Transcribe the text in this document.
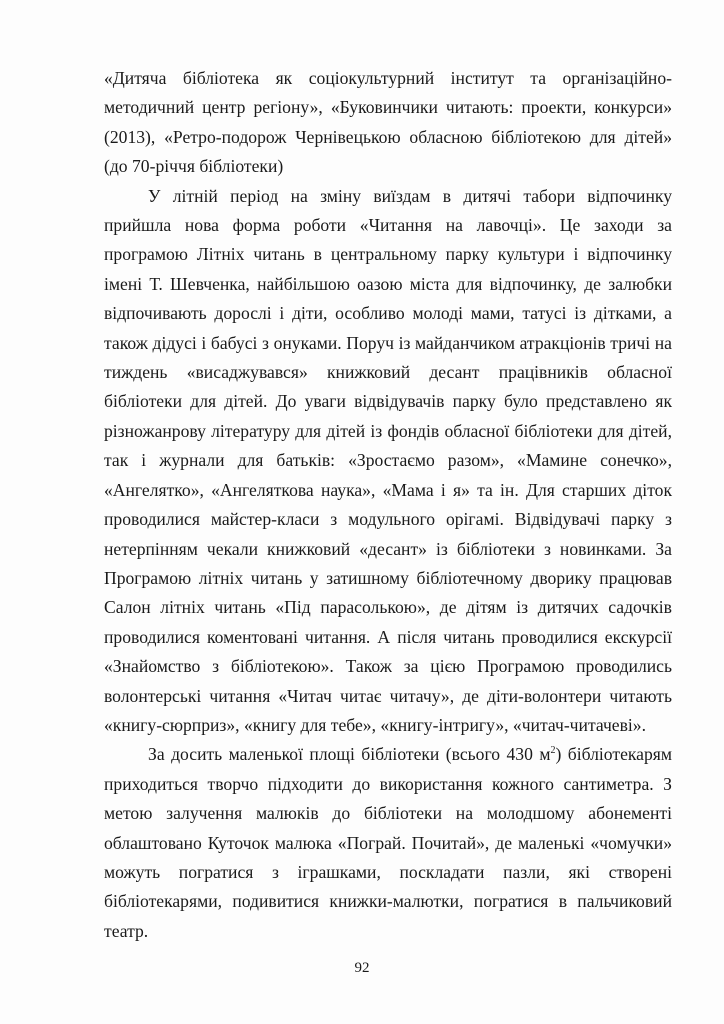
«Дитяча бібліотека як соціокультурний інститут та організаційно-методичний центр регіону», «Буковинчики читають: проекти, конкурси» (2013), «Ретро-подорож Чернівецькою обласною бібліотекою для дітей» (до 70-річчя бібліотеки)

У літній період на зміну виїздам в дитячі табори відпочинку прийшла нова форма роботи «Читання на лавочці». Це заходи за програмою Літніх читань в центральному парку культури і відпочинку імені Т. Шевченка, найбільшою оазою міста для відпочинку, де залюбки відпочивають дорослі і діти, особливо молоді мами, татусі із дітками, а також дідусі і бабусі з онуками. Поруч із майданчиком атракціонів тричі на тиждень «висаджувався» книжковий десант працівників обласної бібліотеки для дітей. До уваги відвідувачів парку було представлено як різножанрову літературу для дітей із фондів обласної бібліотеки для дітей, так і журнали для батьків: «Зростаємо разом», «Мамине сонечко», «Ангелятко», «Ангеляткова наука», «Мама і я» та ін. Для старших діток проводилися майстер-класи з модульного орігамі. Відвідувачі парку з нетерпінням чекали книжковий «десант» із бібліотеки з новинками. За Програмою літніх читань у затишному бібліотечному дворику працював Салон літніх читань «Під парасолькою», де дітям із дитячих садочків проводилися коментовані читання. А після читань проводилися екскурсії «Знайомство з бібліотекою». Також за цією Програмою проводились волонтерські читання «Читач читає читачу», де діти-волонтери читають «книгу-сюрприз», «книгу для тебе», «книгу-інтригу», «читач-читачеві».

За досить маленької площі бібліотеки (всього 430 $м^2$) бібліотекарям приходиться творчо підходити до використання кожного сантиметра. З метою залучення малюків до бібліотеки на молодшому абонементі облаштовано Куточок малюка «Пограй. Почитай», де маленькі «чомучки» можуть погратися з іграшками, поскладати пазли, які створені бібліотекарями, подивитися книжки-малютки, погратися в пальчиковий театр.

92
